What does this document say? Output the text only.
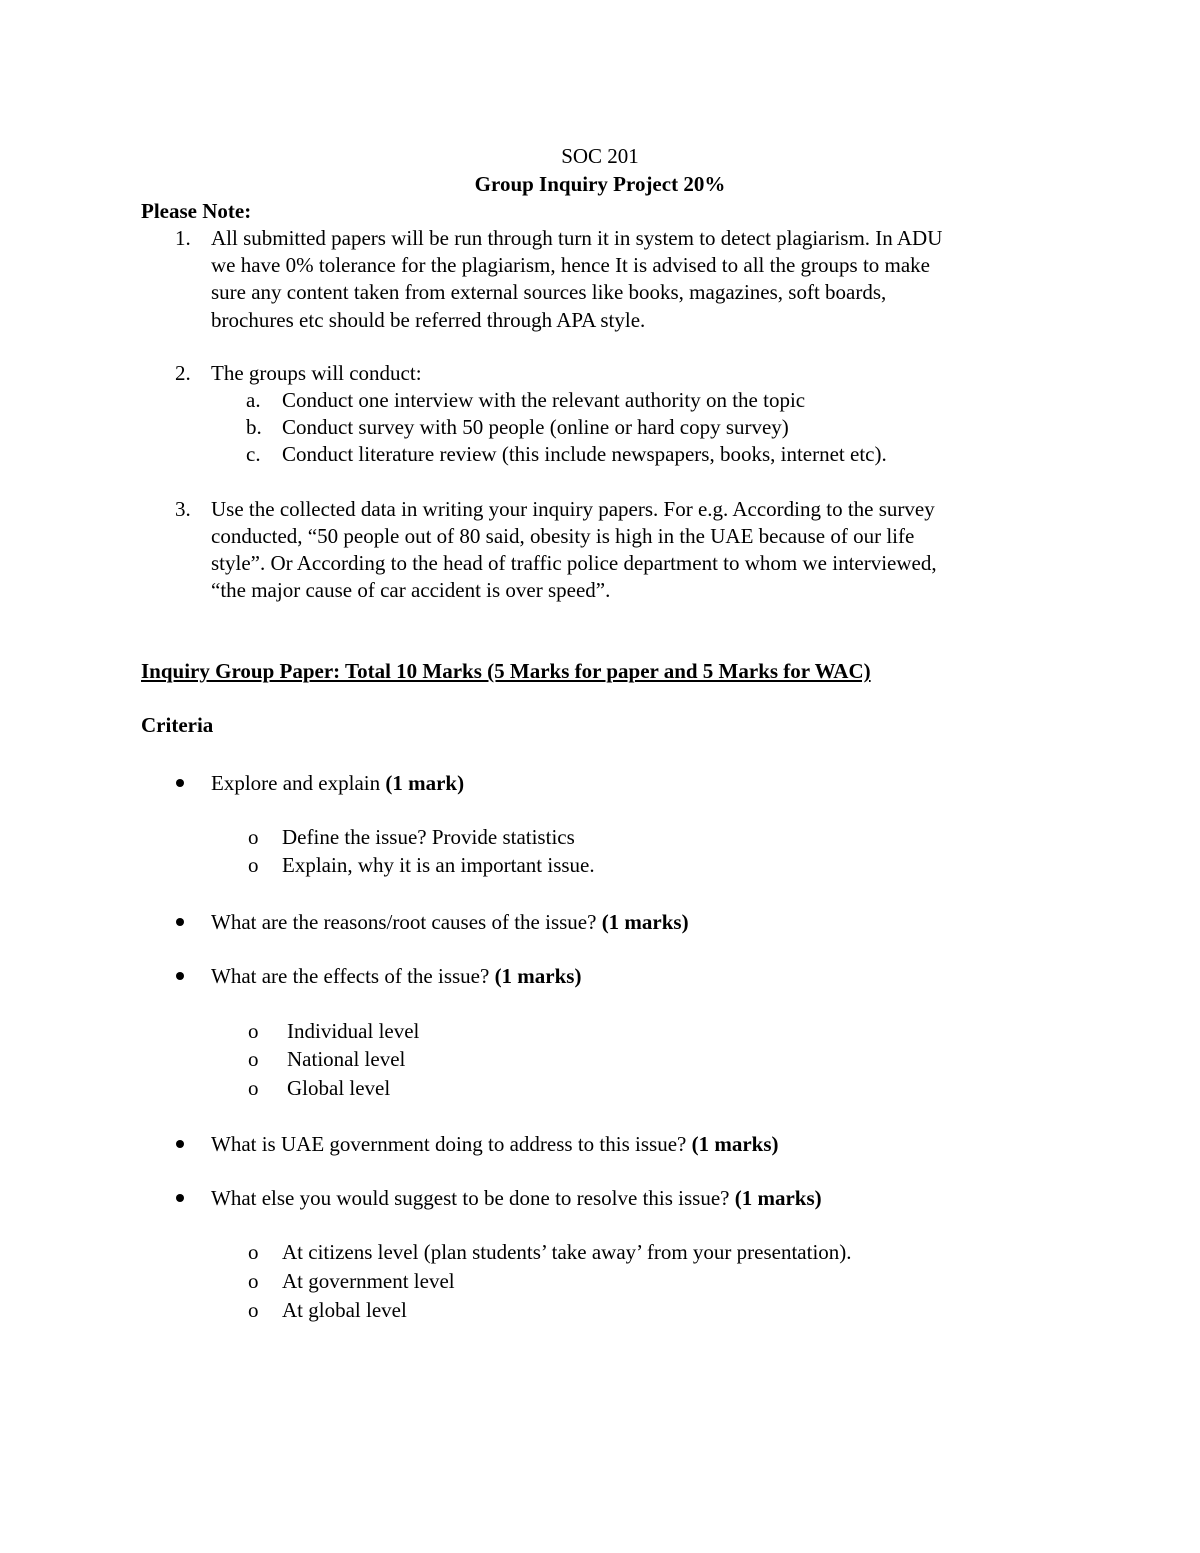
SOC 201
Group Inquiry Project 20%
Please Note:
1. All submitted papers will be run through turn it in system to detect plagiarism. In ADU
we have 0% tolerance for the plagiarism, hence It is advised to all the groups to make
sure any content taken from external sources like books, magazines, soft boards,
brochures etc should be referred through APA style.
2. The groups will conduct:
a. Conduct one interview with the relevant authority on the topic
b. Conduct survey with 50 people (online or hard copy survey)
c. Conduct literature review (this include newspapers, books, internet etc).
3. Use the collected data in writing your inquiry papers. For e.g. According to the survey
conducted, “50 people out of 80 said, obesity is high in the UAE because of our life
style”. Or According to the head of traffic police department to whom we interviewed,
“the major cause of car accident is over speed”.
Inquiry Group Paper: Total 10 Marks (5 Marks for paper and 5 Marks for WAC)
Criteria
Explore and explain (1 mark)
o Define the issue? Provide statistics
o Explain, why it is an important issue.
What are the reasons/root causes of the issue? (1 marks)
What are the effects of the issue? (1 marks)
o Individual level
o National level
o Global level
What is UAE government doing to address to this issue? (1 marks)
What else you would suggest to be done to resolve this issue? (1 marks)
o At citizens level (plan students’ take away’ from your presentation).
o At government level
o At global level
